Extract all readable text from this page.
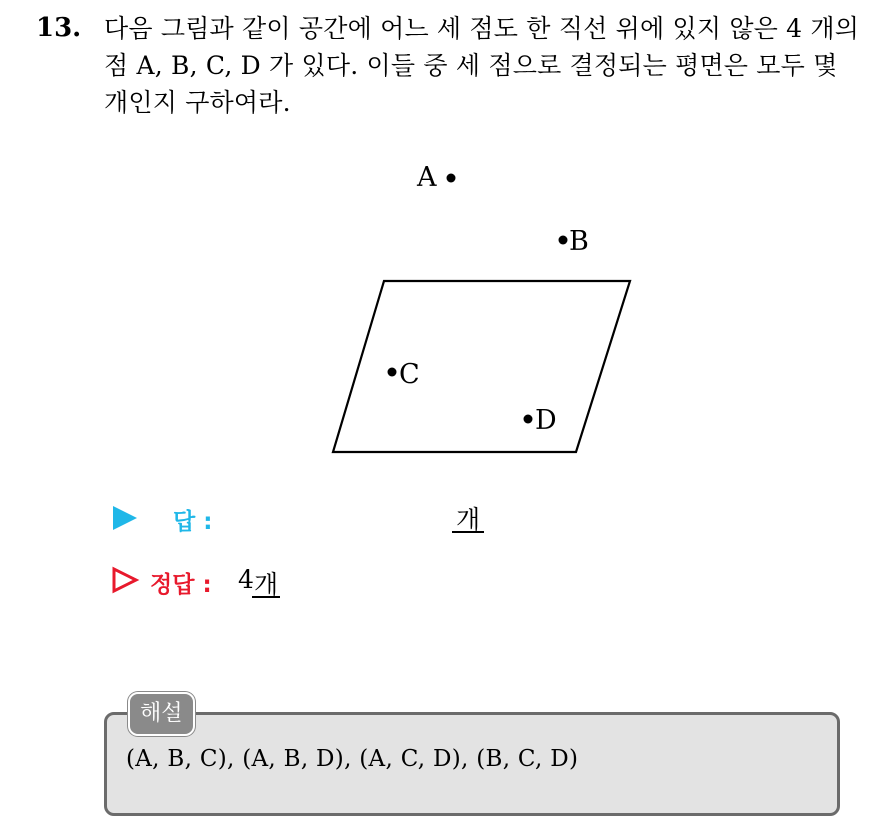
13. 다음 그림과 같이 공간에 어느 세 점도 한 직선 위에 있지 않은 4 개의
점 A, B, C, D 가 있다. 이들 중 세 점으로 결정되는 평면은 모두 몇
개인지 구하여라.
A
B
C
D
답 :	개
정답 : 4 개
해설
(A, B, C), (A, B, D), (A, C, D), (B, C, D)
